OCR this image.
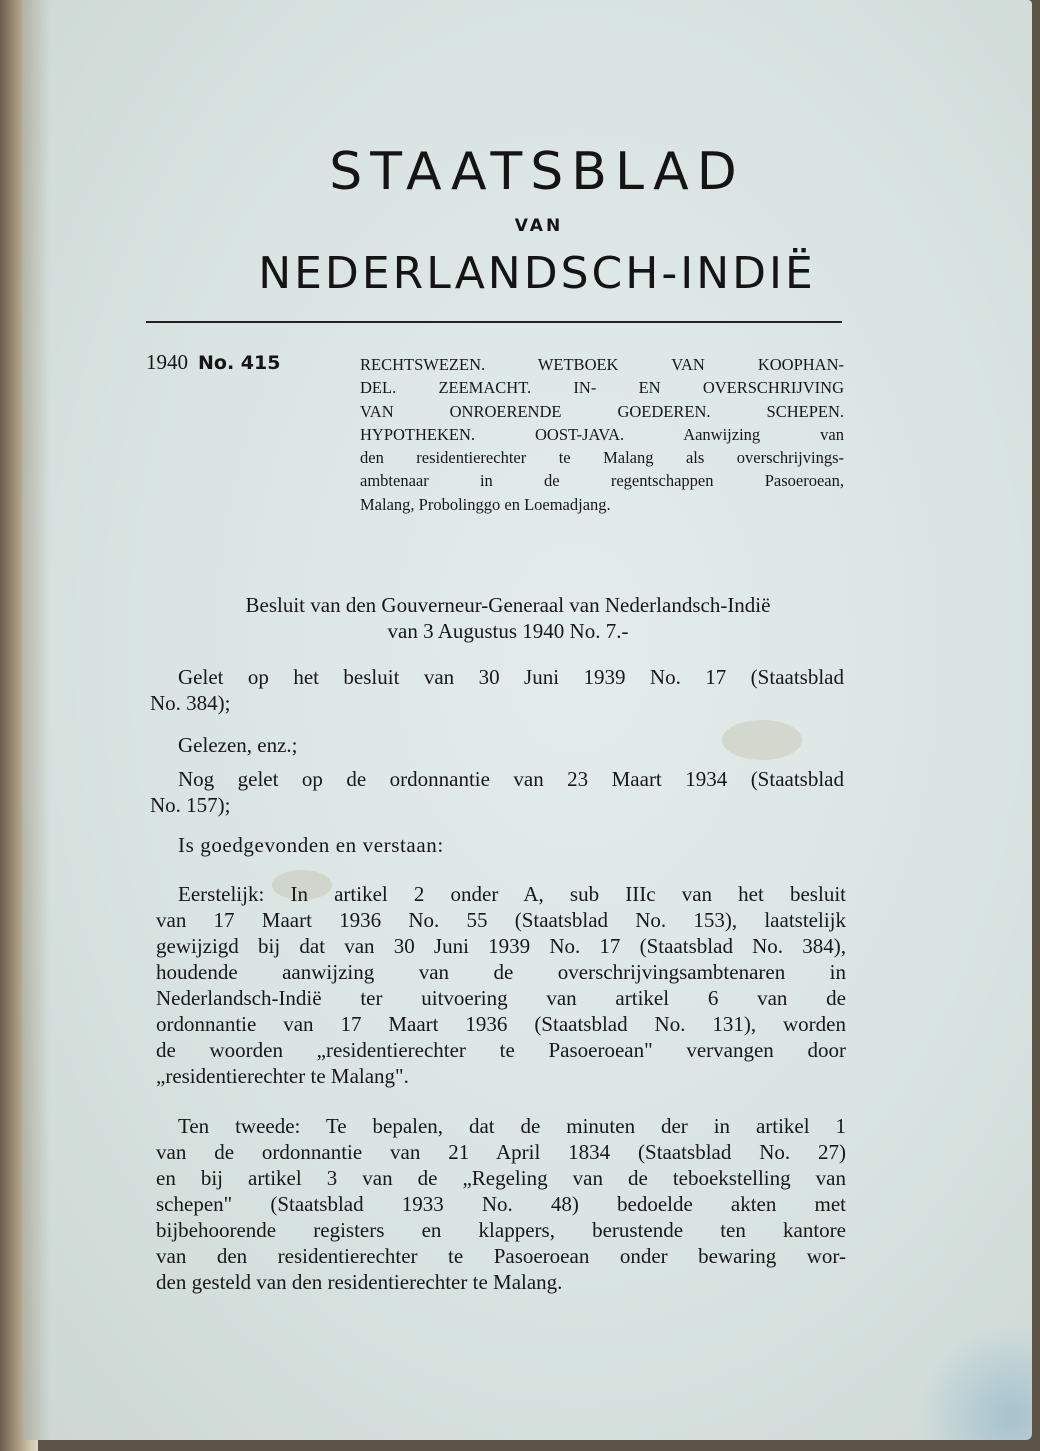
STAATSBLAD
VAN
NEDERLANDSCH-INDIË
1940 No. 415	RECHTSWEZEN. WETBOEK VAN KOOPHAN-
DEL. ZEEMACHT. IN- EN OVERSCHRIJVING
VAN ONROERENDE GOEDEREN. SCHEPEN.
HYPOTHEKEN. OOST-JAVA. Aanwijzing van
den residentierechter te Malang als overschrijvings-
ambtenaar in de regentschappen Pasoeroean,
Malang, Probolinggo en Loemadjang.
Besluit van den Gouverneur-Generaal van Nederlandsch-Indië
van 3 Augustus 1940 No. 7.-
Gelet op het besluit van 30 Juni 1939 No. 17 (Staatsblad
No. 384);
Gelezen, enz.;
Nog gelet op de ordonnantie van 23 Maart 1934 (Staatsblad
No. 157);
Is goedgevonden en verstaan:
Eerstelijk: In artikel 2 onder A, sub IIIc van het besluit
van 17 Maart 1936 No. 55 (Staatsblad No. 153), laatstelijk
gewijzigd bij dat van 30 Juni 1939 No. 17 (Staatsblad No. 384),
houdende aanwijzing van de overschrijvingsambtenaren in
Nederlandsch-Indië ter uitvoering van artikel 6 van de
ordonnantie van 17 Maart 1936 (Staatsblad No. 131), worden
de woorden „residentierechter te Pasoeroean" vervangen door
„residentierechter te Malang".
Ten tweede: Te bepalen, dat de minuten der in artikel 1
van de ordonnantie van 21 April 1834 (Staatsblad No. 27)
en bij artikel 3 van de „Regeling van de teboekstelling van
schepen" (Staatsblad 1933 No. 48) bedoelde akten met
bijbehoorende registers en klappers, berustende ten kantore
van den residentierechter te Pasoeroean onder bewaring wor-
den gesteld van den residentierechter te Malang.
